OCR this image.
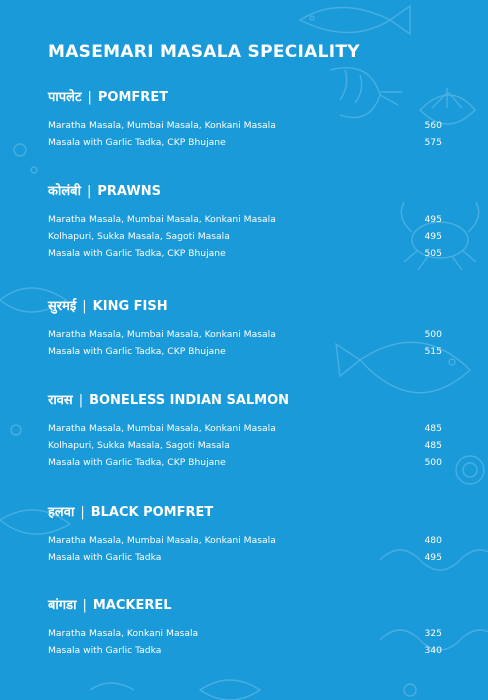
MASEMARI MASALA SPECIALITY
पापलेट | POMFRET
Maratha Masala, Mumbai Masala, Konkani Masala	560
Masala with Garlic Tadka, CKP Bhujane	575
कोलंबी | PRAWNS
Maratha Masala, Mumbai Masala, Konkani Masala	495
Kolhapuri, Sukka Masala, Sagoti Masala	495
Masala with Garlic Tadka, CKP Bhujane	505
सुरमई | KING FISH
Maratha Masala, Mumbai Masala, Konkani Masala	500
Masala with Garlic Tadka, CKP Bhujane	515
रावस | BONELESS INDIAN SALMON
Maratha Masala, Mumbai Masala, Konkani Masala	485
Kolhapuri, Sukka Masala, Sagoti Masala	485
Masala with Garlic Tadka, CKP Bhujane	500
हलवा | BLACK POMFRET
Maratha Masala, Mumbai Masala, Konkani Masala	480
Masala with Garlic Tadka	495
बांगडा | MACKEREL
Maratha Masala, Konkani Masala	325
Masala with Garlic Tadka	340
